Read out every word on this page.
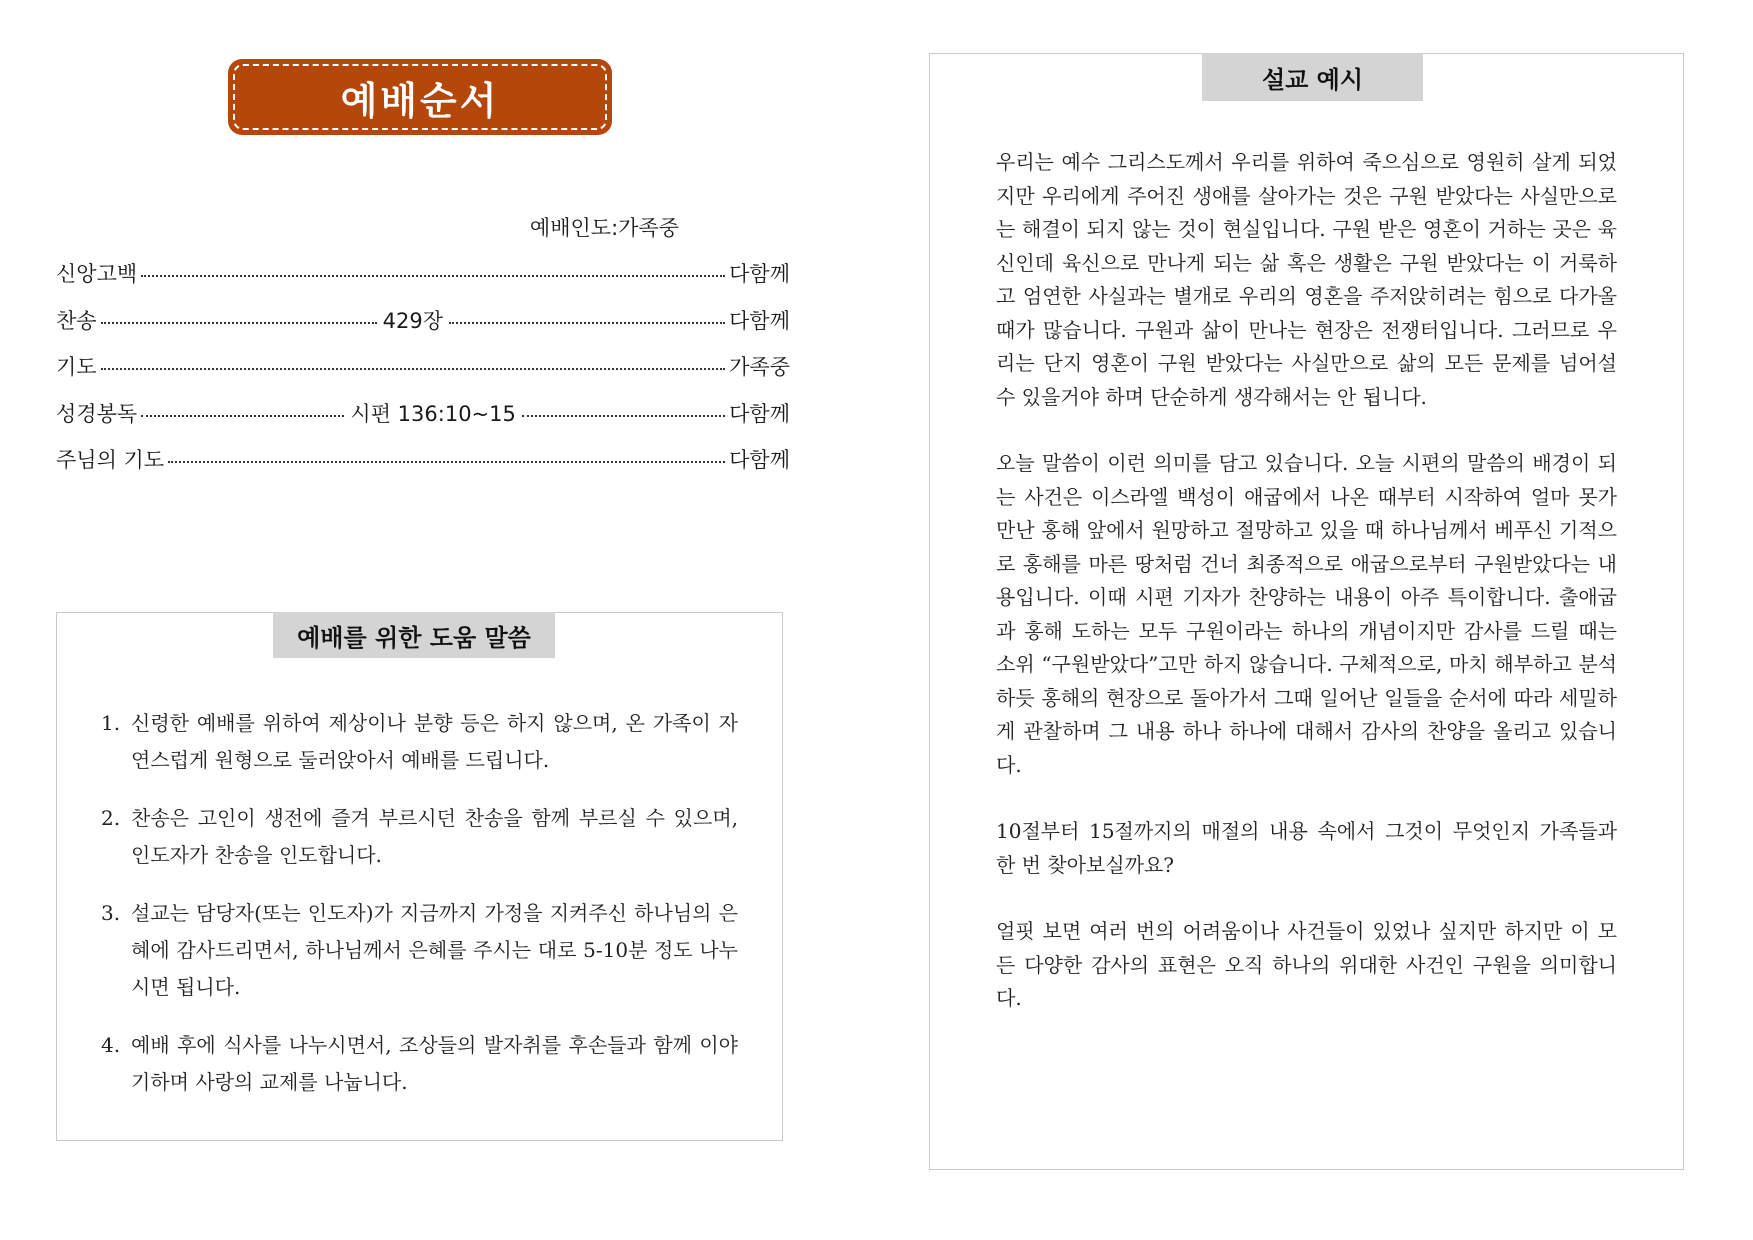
예배순서
예배인도:가족중
신앙고백	다함께
찬송	429장	다함께
기도	가족중
성경봉독	시편 136:10~15	다함께
주님의 기도	다함께
예배를 위한 도움 말씀
1. 신령한 예배를 위하여 제상이나 분향 등은 하지 않으며, 온 가족이 자연스럽게 원형으로 둘러앉아서 예배를 드립니다.
2. 찬송은 고인이 생전에 즐겨 부르시던 찬송을 함께 부르실 수 있으며, 인도자가 찬송을 인도합니다.
3. 설교는 담당자(또는 인도자)가 지금까지 가정을 지켜주신 하나님의 은혜에 감사드리면서, 하나님께서 은혜를 주시는 대로 5-10분 정도 나누시면 됩니다.
4. 예배 후에 식사를 나누시면서, 조상들의 발자취를 후손들과 함께 이야기하며 사랑의 교제를 나눕니다.
설교 예시

우리는 예수 그리스도께서 우리를 위하여 죽으심으로 영원히 살게 되었지만 우리에게 주어진 생애를 살아가는 것은 구원 받았다는 사실만으로는 해결이 되지 않는 것이 현실입니다. 구원 받은 영혼이 거하는 곳은 육신인데 육신으로 만나게 되는 삶 혹은 생활은 구원 받았다는 이 거룩하고 엄연한 사실과는 별개로 우리의 영혼을 주저앉히려는 힘으로 다가올 때가 많습니다. 구원과 삶이 만나는 현장은 전쟁터입니다. 그러므로 우리는 단지 영혼이 구원 받았다는 사실만으로 삶의 모든 문제를 넘어설 수 있을거야 하며 단순하게 생각해서는 안 됩니다.

오늘 말씀이 이런 의미를 담고 있습니다. 오늘 시편의 말씀의 배경이 되는 사건은 이스라엘 백성이 애굽에서 나온 때부터 시작하여 얼마 못가 만난 홍해 앞에서 원망하고 절망하고 있을 때 하나님께서 베푸신 기적으로 홍해를 마른 땅처럼 건너 최종적으로 애굽으로부터 구원받았다는 내용입니다. 이때 시편 기자가 찬양하는 내용이 아주 특이합니다. 출애굽과 홍해 도하는 모두 구원이라는 하나의 개념이지만 감사를 드릴 때는 소위 “구원받았다”고만 하지 않습니다. 구체적으로, 마치 해부하고 분석하듯 홍해의 현장으로 돌아가서 그때 일어난 일들을 순서에 따라 세밀하게 관찰하며 그 내용 하나 하나에 대해서 감사의 찬양을 올리고 있습니다.

10절부터 15절까지의 매절의 내용 속에서 그것이 무엇인지 가족들과 한 번 찾아보실까요?

얼핏 보면 여러 번의 어려움이나 사건들이 있었나 싶지만 하지만 이 모든 다양한 감사의 표현은 오직 하나의 위대한 사건인 구원을 의미합니다.
